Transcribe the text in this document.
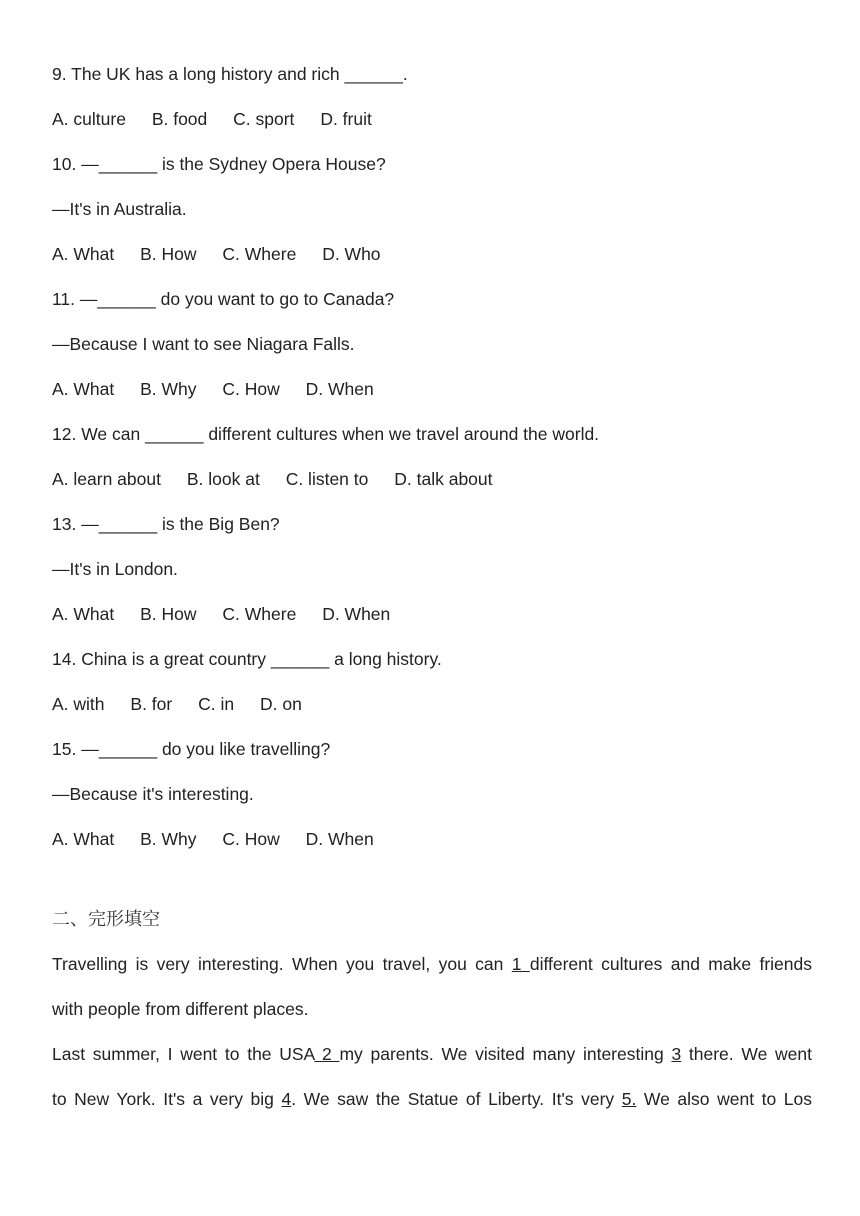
9. The UK has a long history and rich ______.
A. culture B. food C. sport D. fruit
10. —______ is the Sydney Opera House?
—It's in Australia.
A. What B. How C. Where D. Who
11. —______ do you want to go to Canada?
—Because I want to see Niagara Falls.
A. What B. Why C. How D. When
12. We can ______ different cultures when we travel around the world.
A. learn about B. look at C. listen to D. talk about
13. —______ is the Big Ben?
—It's in London.
A. What B. How C. Where D. When
14. China is a great country ______ a long history.
A. with B. for C. in D. on
15. —______ do you like travelling?
—Because it's interesting.
A. What B. Why C. How D. When
二、完形填空
Travelling is very interesting. When you travel, you can 1 different cultures and make friends
with people from different places.
Last summer, I went to the USA 2 my parents. We visited many interesting 3 there. We went
to New York. It's a very big 4. We saw the Statue of Liberty. It's very 5. We also went to Los
